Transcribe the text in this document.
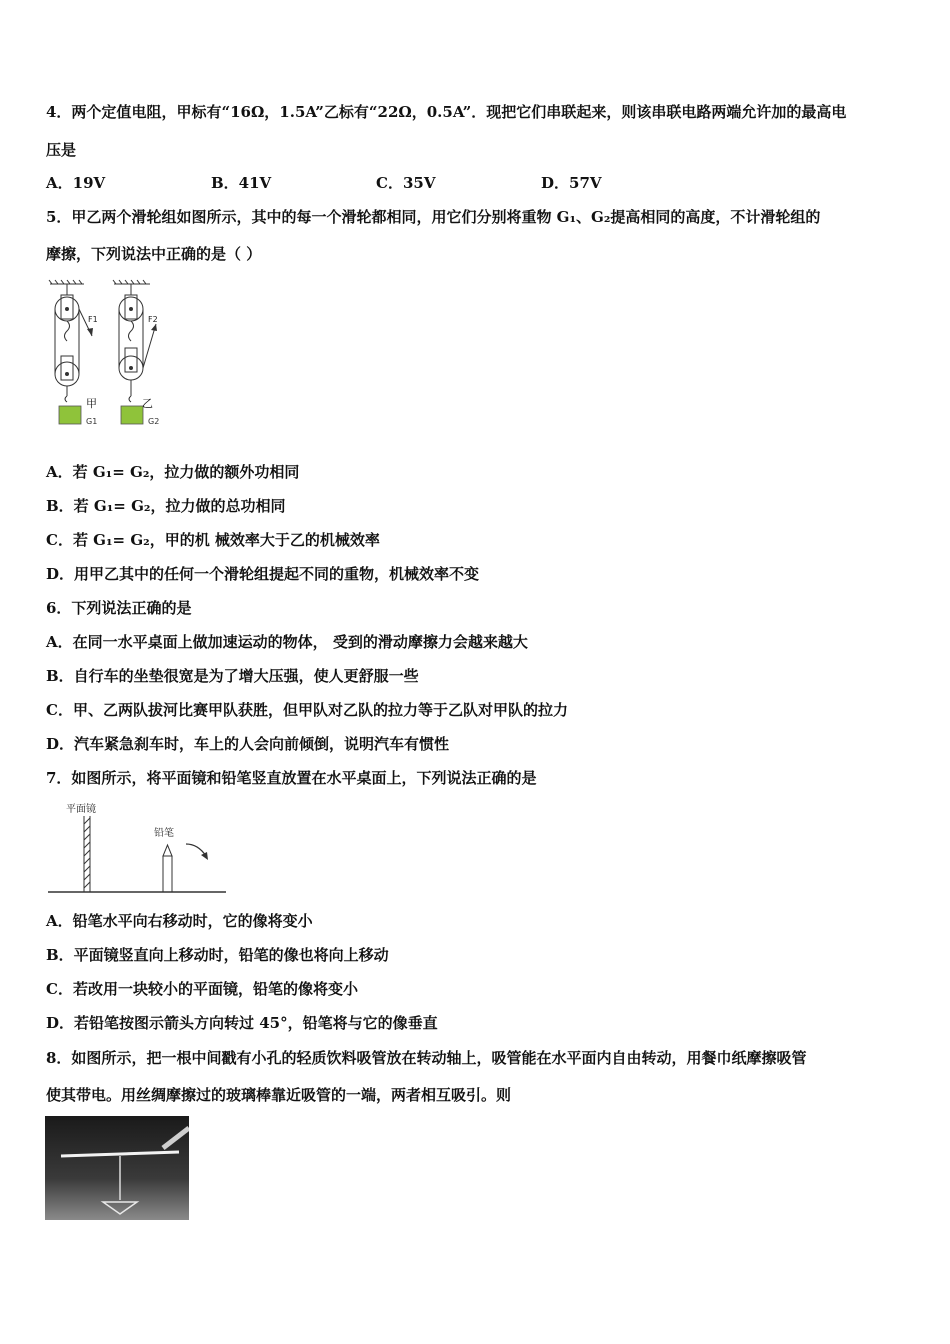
4．两个定值电阻，甲标有“16Ω，1.5A”乙标有“22Ω，0.5A”．现把它们串联起来，则该串联电路两端允许加的最高电
压是
A．19V	B．41V	C．35V	D．57V
5．甲乙两个滑轮组如图所示，其中的每一个滑轮都相同，用它们分别将重物 G₁、G₂提高相同的高度，不计滑轮组的
摩擦，下列说法中正确的是（ ）
F1
甲
G1
F2
乙
G2
A．若 G₁= G₂，拉力做的额外功相同
B．若 G₁= G₂，拉力做的总功相同
C．若 G₁= G₂，甲的机 械效率大于乙的机械效率
D．用甲乙其中的任何一个滑轮组提起不同的重物，机械效率不变
6．下列说法正确的是
A．在同一水平桌面上做加速运动的物体， 受到的滑动摩擦力会越来越大
B．自行车的坐垫很宽是为了增大压强，使人更舒服一些
C．甲、乙两队拔河比赛甲队获胜，但甲队对乙队的拉力等于乙队对甲队的拉力
D．汽车紧急刹车时，车上的人会向前倾倒，说明汽车有惯性
7．如图所示，将平面镜和铅笔竖直放置在水平桌面上，下列说法正确的是
平面镜
铅笔
A．铅笔水平向右移动时，它的像将变小
B．平面镜竖直向上移动时，铅笔的像也将向上移动
C．若改用一块较小的平面镜，铅笔的像将变小
D．若铅笔按图示箭头方向转过 45°，铅笔将与它的像垂直
8．如图所示，把一根中间戳有小孔的轻质饮料吸管放在转动轴上，吸管能在水平面内自由转动，用餐巾纸摩擦吸管
使其带电。用丝绸摩擦过的玻璃棒靠近吸管的一端，两者相互吸引。则
